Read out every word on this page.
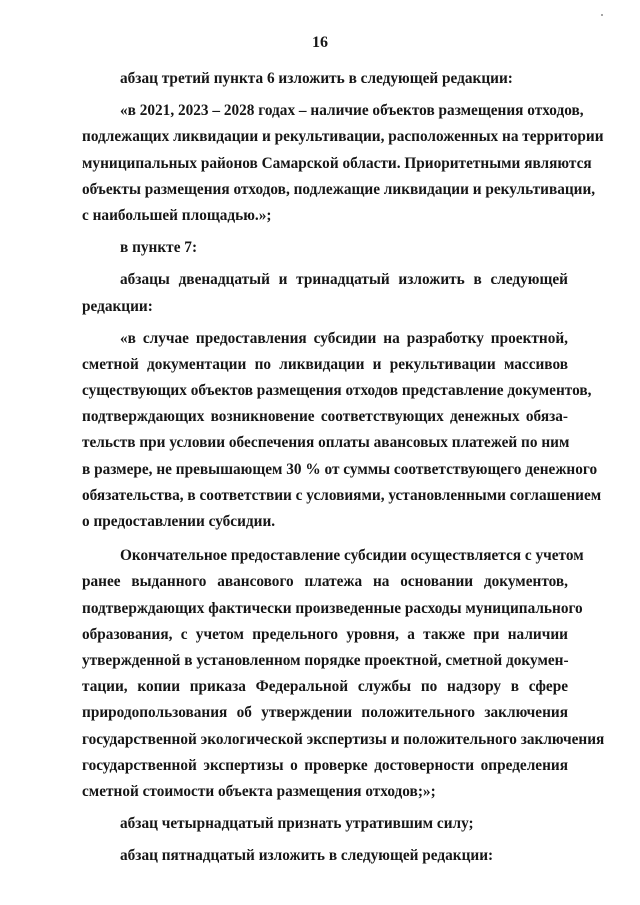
16
абзац третий пункта 6 изложить в следующей редакции:
«в 2021, 2023 – 2028 годах – наличие объектов размещения отходов,
подлежащих ликвидации и рекультивации, расположенных на территории
муниципальных районов Самарской области. Приоритетными являются
объекты размещения отходов, подлежащие ликвидации и рекультивации,
с наибольшей площадью.»;
в пункте 7:
абзацы двенадцатый и тринадцатый изложить в следующей
редакции:
«в случае предоставления субсидии на разработку проектной,
сметной документации по ликвидации и рекультивации массивов
существующих объектов размещения отходов представление документов,
подтверждающих возникновение соответствующих денежных обяза-
тельств при условии обеспечения оплаты авансовых платежей по ним
в размере, не превышающем 30 % от суммы соответствующего денежного
обязательства, в соответствии с условиями, установленными соглашением
о предоставлении субсидии.
Окончательное предоставление субсидии осуществляется с учетом
ранее выданного авансового платежа на основании документов,
подтверждающих фактически произведенные расходы муниципального
образования, с учетом предельного уровня, а также при наличии
утвержденной в установленном порядке проектной, сметной докумен-
тации, копии приказа Федеральной службы по надзору в сфере
природопользования об утверждении положительного заключения
государственной экологической экспертизы и положительного заключения
государственной экспертизы о проверке достоверности определения
сметной стоимости объекта размещения отходов;»;
абзац четырнадцатый признать утратившим силу;
абзац пятнадцатый изложить в следующей редакции:
